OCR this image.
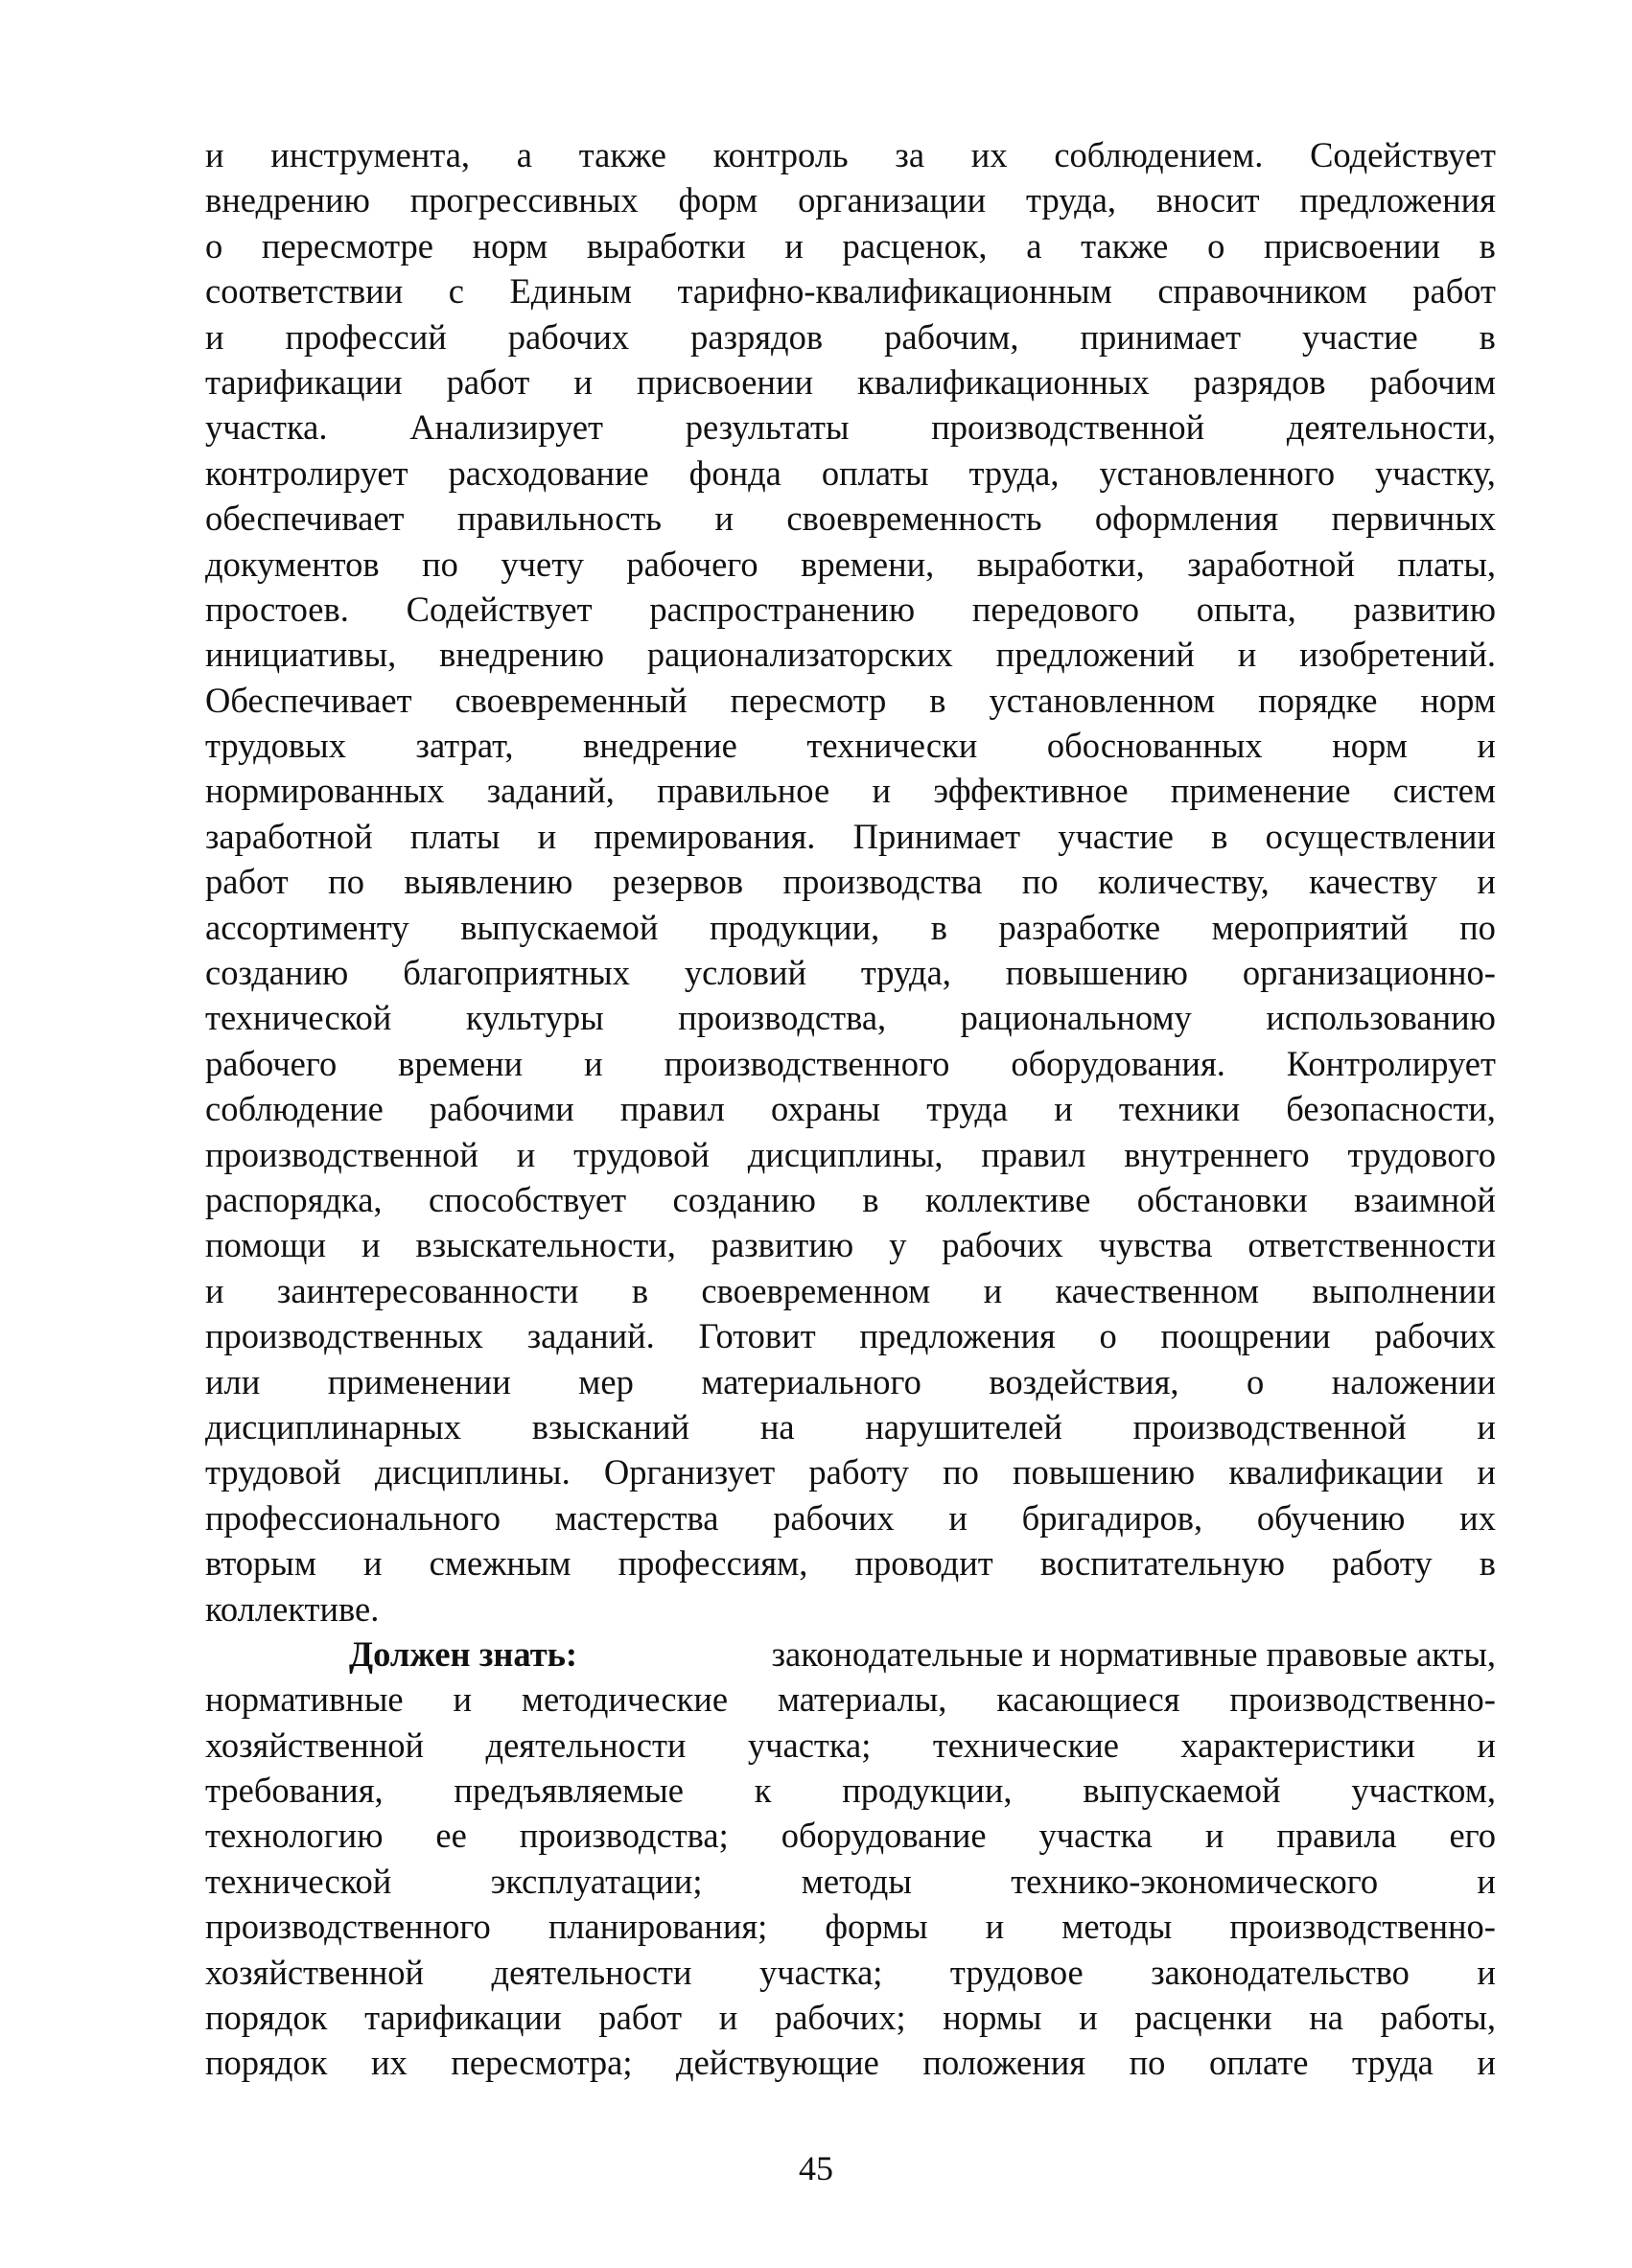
и инструмента, а также контроль за их соблюдением. Содействует
внедрению прогрессивных форм организации труда, вносит предложения
о пересмотре норм выработки и расценок, а также о присвоении в
соответствии с Единым тарифно-квалификационным справочником работ
и профессий рабочих разрядов рабочим, принимает участие в
тарификации работ и присвоении квалификационных разрядов рабочим
участка. Анализирует результаты производственной деятельности,
контролирует расходование фонда оплаты труда, установленного участку,
обеспечивает правильность и своевременность оформления первичных
документов по учету рабочего времени, выработки, заработной платы,
простоев. Содействует распространению передового опыта, развитию
инициативы, внедрению рационализаторских предложений и изобретений.
Обеспечивает своевременный пересмотр в установленном порядке норм
трудовых затрат, внедрение технически обоснованных норм и
нормированных заданий, правильное и эффективное применение систем
заработной платы и премирования. Принимает участие в осуществлении
работ по выявлению резервов производства по количеству, качеству и
ассортименту выпускаемой продукции, в разработке мероприятий по
созданию благоприятных условий труда, повышению организационно-
технической культуры производства, рациональному использованию
рабочего времени и производственного оборудования. Контролирует
соблюдение рабочими правил охраны труда и техники безопасности,
производственной и трудовой дисциплины, правил внутреннего трудового
распорядка, способствует созданию в коллективе обстановки взаимной
помощи и взыскательности, развитию у рабочих чувства ответственности
и заинтересованности в своевременном и качественном выполнении
производственных заданий. Готовит предложения о поощрении рабочих
или применении мер материального воздействия, о наложении
дисциплинарных взысканий на нарушителей производственной и
трудовой дисциплины. Организует работу по повышению квалификации и
профессионального мастерства рабочих и бригадиров, обучению их
вторым и смежным профессиям, проводит воспитательную работу в
коллективе.
Должен знать:	законодательные и нормативные правовые акты,
нормативные и методические материалы, касающиеся производственно-
хозяйственной деятельности участка; технические характеристики и
требования, предъявляемые к продукции, выпускаемой участком,
технологию ее производства; оборудование участка и правила его
технической	эксплуатации;	методы	технико-экономического	и
производственного планирования; формы и методы производственно-
хозяйственной деятельности участка; трудовое законодательство и
порядок тарификации работ и рабочих; нормы и расценки на работы,
порядок их пересмотра; действующие положения по оплате труда и
45
